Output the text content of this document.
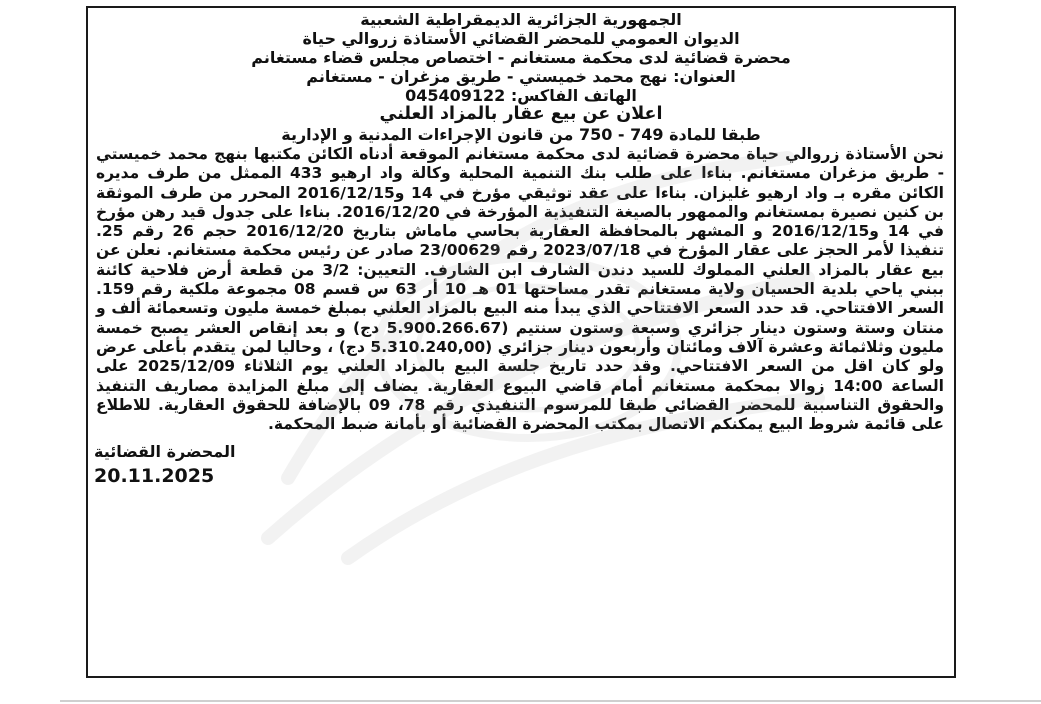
الجمهورية الجزائرية الديمقراطية الشعبية
الديوان العمومي للمحضر القضائي الأستاذة زروالي حياة
محضرة قضائية لدى محكمة مستغانم - اختصاص مجلس قضاء مستغانم
العنوان: نهج محمد خميستي - طريق مزغران - مستغانم
الهاتف الفاكس: 045409122
اعلان عن بيع عقار بالمزاد العلني
طبقا للمادة 749 - 750 من قانون الإجراءات المدنية و الإدارية

نحن الأستاذة زروالي حياة محضرة قضائية لدى محكمة مستغانم الموقعة أدناه الكائن مكتبها بنهج محمد خميستي - طريق مزغران مستغانم. بناءا على طلب بنك التنمية المحلية وكالة واد ارهيو 433 الممثل من طرف مديره الكائن مقره بـ واد ارهيو غليزان. بناءا على عقد توثيقي مؤرخ في 14 و2016/12/15 المحرر من طرف الموثقة بن كنين نصيرة بمستغانم والممهور بالصيغة التنفيذية المؤرخة في 2016/12/20. بناءا على جدول قيد رهن مؤرخ في 14 و2016/12/15 و المشهر بالمحافظة العقارية بحاسي ماماش بتاريخ 2016/12/20 حجم 26 رقم 25. تنفيذا لأمر الحجز على عقار المؤرخ في 2023/07/18 رقم 23/00629 صادر عن رئيس محكمة مستغانم. نعلن عن بيع عقار بالمزاد العلني المملوك للسيد دندن الشارف ابن الشارف. التعيين: 3/2 من قطعة أرض فلاحية كائنة ببني ياحي بلدية الحسيان ولاية مستغانم تقدر مساحتها 01 هـ 10 أر 63 س قسم 08 مجموعة ملكية رقم 159. السعر الافتتاحي. قد حدد السعر الافتتاحي الذي يبدأ منه البيع بالمزاد العلني بمبلغ خمسة مليون وتسعمائة ألف و منتان وستة وستون دينار جزائري وسبعة وستون سنتيم (5.900.266.67 دج) و بعد إنقاص العشر يصبح خمسة مليون وثلاثمائة وعشرة آلاف ومائتان وأربعون دينار جزائري (5.310.240,00 دج) ، وحاليا لمن يتقدم بأعلى عرض ولو كان اقل من السعر الافتتاحي. وقد حدد تاريخ جلسة البيع بالمزاد العلني يوم الثلاثاء 2025/12/09 على الساعة 14:00 زوالا بمحكمة مستغانم أمام قاضي البيوع العقارية. يضاف إلى مبلغ المزايدة مصاريف التنفيذ والحقوق التناسبية للمحضر القضائي طبقا للمرسوم التنفيذي رقم 78، 09 بالإضافة للحقوق العقارية. للاطلاع على قائمة شروط البيع يمكنكم الاتصال بمكتب المحضرة القضائية أو بأمانة ضبط المحكمة.

المحضرة القضائية
20.11.2025
